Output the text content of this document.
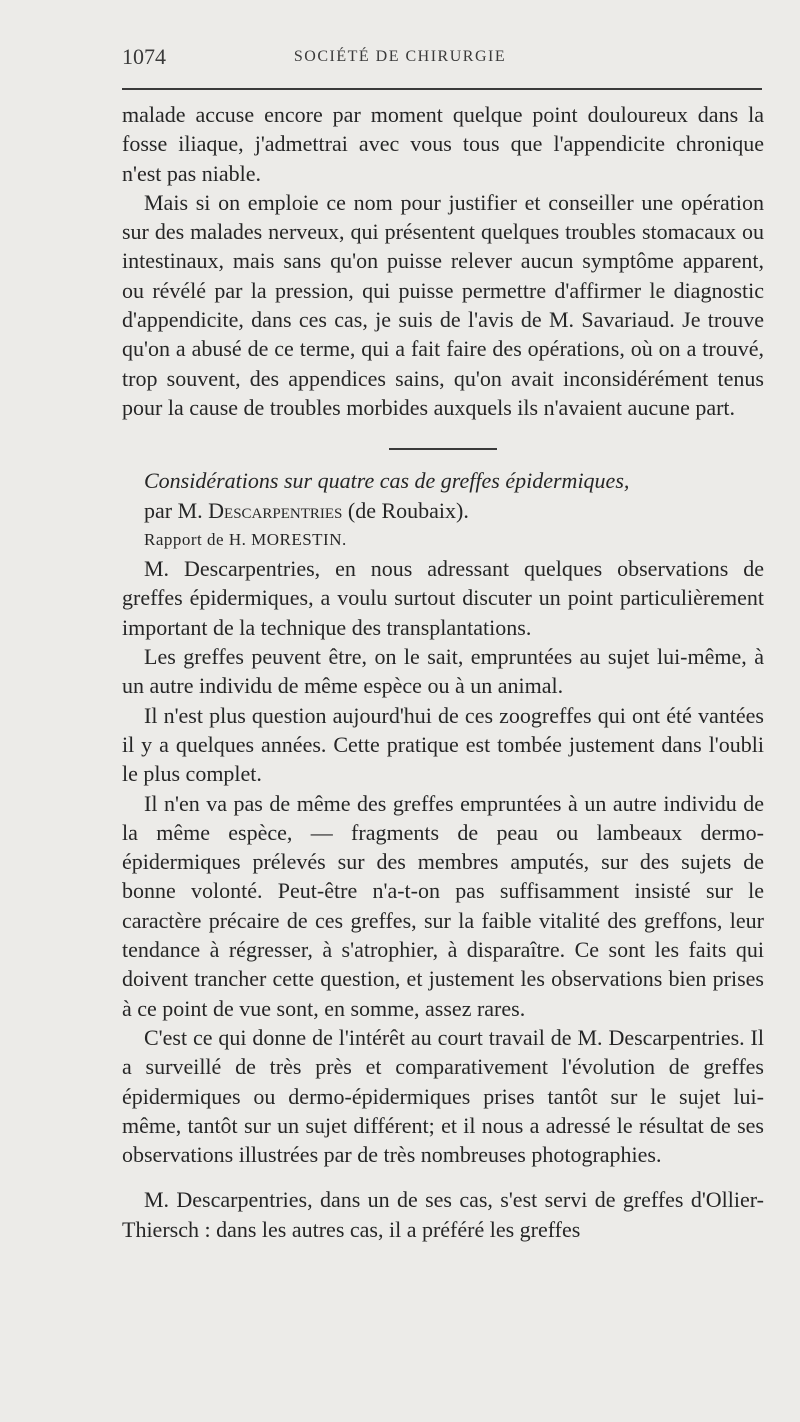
1074	SOCIÉTÉ DE CHIRURGIE

malade accuse encore par moment quelque point douloureux dans la fosse iliaque, j'admettrai avec vous tous que l'appendicite chronique n'est pas niable.

Mais si on emploie ce nom pour justifier et conseiller une opération sur des malades nerveux, qui présentent quelques troubles stomacaux ou intestinaux, mais sans qu'on puisse relever aucun symptôme apparent, ou révélé par la pression, qui puisse permettre d'affirmer le diagnostic d'appendicite, dans ces cas, je suis de l'avis de M. Savariaud. Je trouve qu'on a abusé de ce terme, qui a fait faire des opérations, où on a trouvé, trop souvent, des appendices sains, qu'on avait inconsidérément tenus pour la cause de troubles morbides auxquels ils n'avaient aucune part.

Considérations sur quatre cas de greffes épidermiques,

par M. Descarpentries (de Roubaix).

Rapport de H. MORESTIN.

M. Descarpentries, en nous adressant quelques observations de greffes épidermiques, a voulu surtout discuter un point particulièrement important de la technique des transplantations.

Les greffes peuvent être, on le sait, empruntées au sujet lui-même, à un autre individu de même espèce ou à un animal.

Il n'est plus question aujourd'hui de ces zoogreffes qui ont été vantées il y a quelques années. Cette pratique est tombée justement dans l'oubli le plus complet.

Il n'en va pas de même des greffes empruntées à un autre individu de la même espèce, — fragments de peau ou lambeaux dermo-épidermiques prélevés sur des membres amputés, sur des sujets de bonne volonté. Peut-être n'a-t-on pas suffisamment insisté sur le caractère précaire de ces greffes, sur la faible vitalité des greffons, leur tendance à régresser, à s'atrophier, à disparaître. Ce sont les faits qui doivent trancher cette question, et justement les observations bien prises à ce point de vue sont, en somme, assez rares.

C'est ce qui donne de l'intérêt au court travail de M. Descarpentries. Il a surveillé de très près et comparativement l'évolution de greffes épidermiques ou dermo-épidermiques prises tantôt sur le sujet lui-même, tantôt sur un sujet différent; et il nous a adressé le résultat de ses observations illustrées par de très nombreuses photographies.

M. Descarpentries, dans un de ses cas, s'est servi de greffes d'Ollier-Thiersch : dans les autres cas, il a préféré les greffes
